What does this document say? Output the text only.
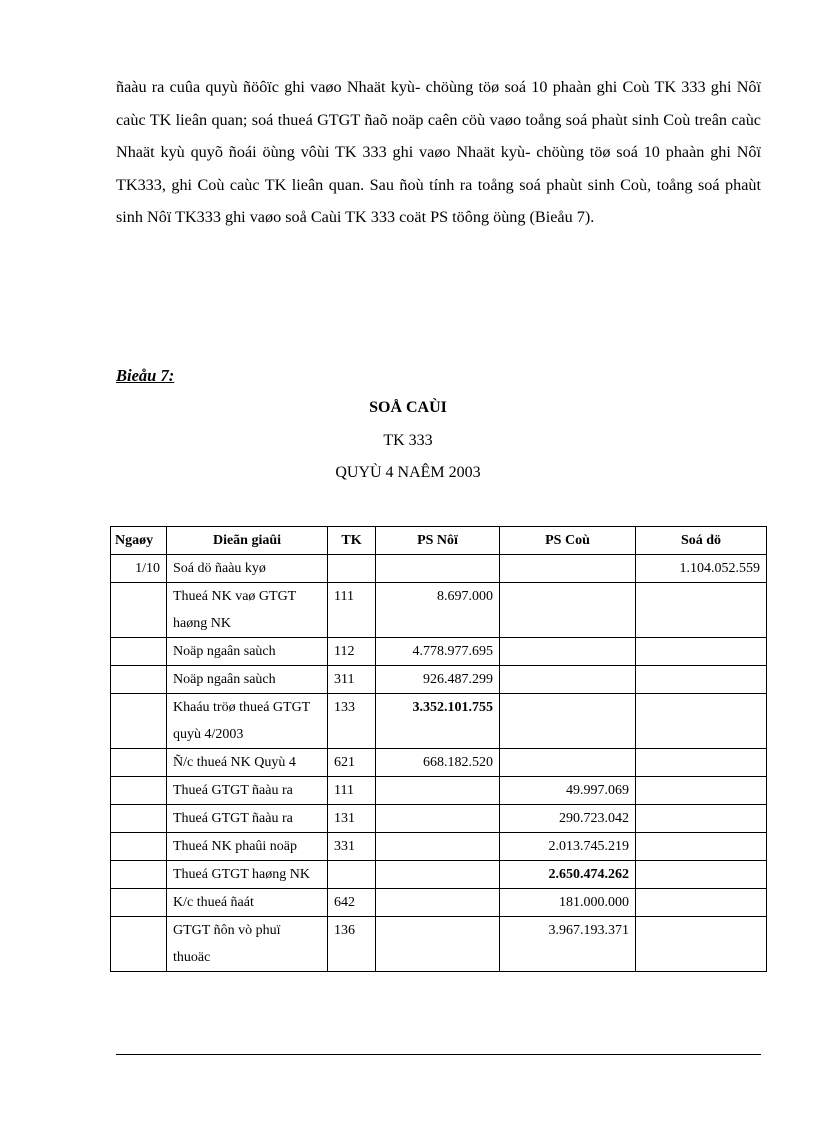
ñaàu ra cuûa quyù ñöôïc ghi vaøo Nhaät kyù- chöùng töø soá 10 phaàn ghi Coù TK 333 ghi Nôï caùc TK lieân quan; soá thueá GTGT ñaõ noäp caên cöù vaøo toång soá phaùt sinh Coù treân caùc Nhaät kyù quyõ ñoái öùng vôùi TK 333 ghi vaøo Nhaät kyù- chöùng töø soá 10 phaàn ghi Nôï TK333, ghi Coù caùc TK lieân quan. Sau ñoù tính ra toång soá phaùt sinh Coù, toång soá phaùt sinh Nôï TK333 ghi vaøo soå Caùi TK 333 coät PS töông öùng (Bieåu 7).
Bieåu 7:
SOÅ CAÙI
TK 333
QUYÙ 4 NAÊM 2003
Ngaøy	Dieãn giaûi	TK	PS Nôï	PS Coù	Soá dö
1/10	Soá dö ñaàu kyø				1.104.052.559
	Thueá NK vaø GTGT haøng NK	111	8.697.000		
	Noäp ngaân saùch	112	4.778.977.695		
	Noäp ngaân saùch	311	926.487.299		
	Khaáu tröø thueá GTGT quyù 4/2003	133	3.352.101.755		
	Ñ/c thueá NK Quyù 4	621	668.182.520		
	Thueá GTGT ñaàu ra	111		49.997.069	
	Thueá GTGT ñaàu ra	131		290.723.042	
	Thueá NK phaûi noäp	331		2.013.745.219	
	Thueá GTGT haøng NK			2.650.474.262	
	K/c thueá ñaát	642		181.000.000	
	GTGT ñôn vò phuï thuoäc	136		3.967.193.371	
